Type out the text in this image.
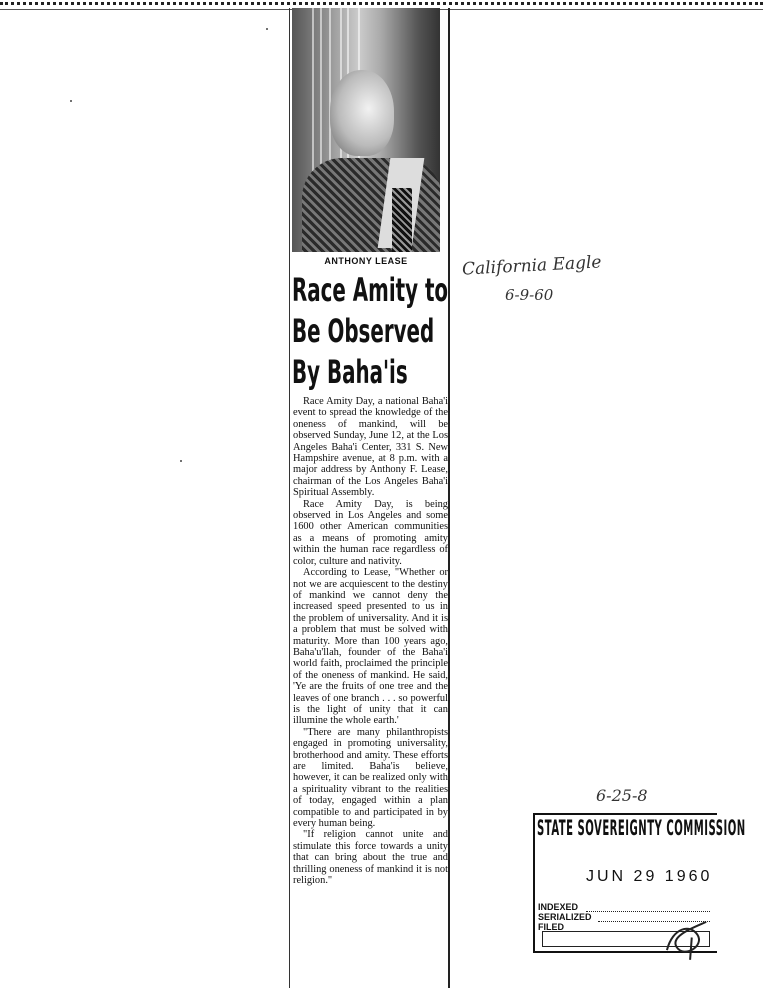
ANTHONY LEASE
Race Amity to
Be Observed
By Baha'is

Race Amity Day, a national Baha'i event to spread the knowledge of the oneness of mankind, will be observed Sunday, June 12, at the Los Angeles Baha'i Center, 331 S. New Hampshire avenue, at 8 p.m. with a major address by Anthony F. Lease, chairman of the Los Angeles Baha'i Spiritual Assembly.

Race Amity Day, is being observed in Los Angeles and some 1600 other American communities as a means of promoting amity within the human race regardless of color, culture and nativity.

According to Lease, "Whether or not we are acquiescent to the destiny of mankind we cannot deny the increased speed presented to us in the problem of universality. And it is a problem that must be solved with maturity. More than 100 years ago, Baha'u'llah, founder of the Baha'i world faith, proclaimed the principle of the oneness of mankind. He said, 'Ye are the fruits of one tree and the leaves of one branch . . . so powerful is the light of unity that it can illumine the whole earth.'

"There are many philanthropists engaged in promoting universality, brotherhood and amity. These efforts are limited. Baha'is believe, however, it can be realized only with a spirituality vibrant to the realities of today, engaged within a plan compatible to and participated in by every human being.

"If religion cannot unite and stimulate this force towards a unity that can bring about the true and thrilling oneness of mankind it is not religion."

California Eagle
6-9-60
6-25-8
STATE SOVEREIGNTY COMMISSION
JUN 29 1960
INDEXED
SERIALIZED
FILED
